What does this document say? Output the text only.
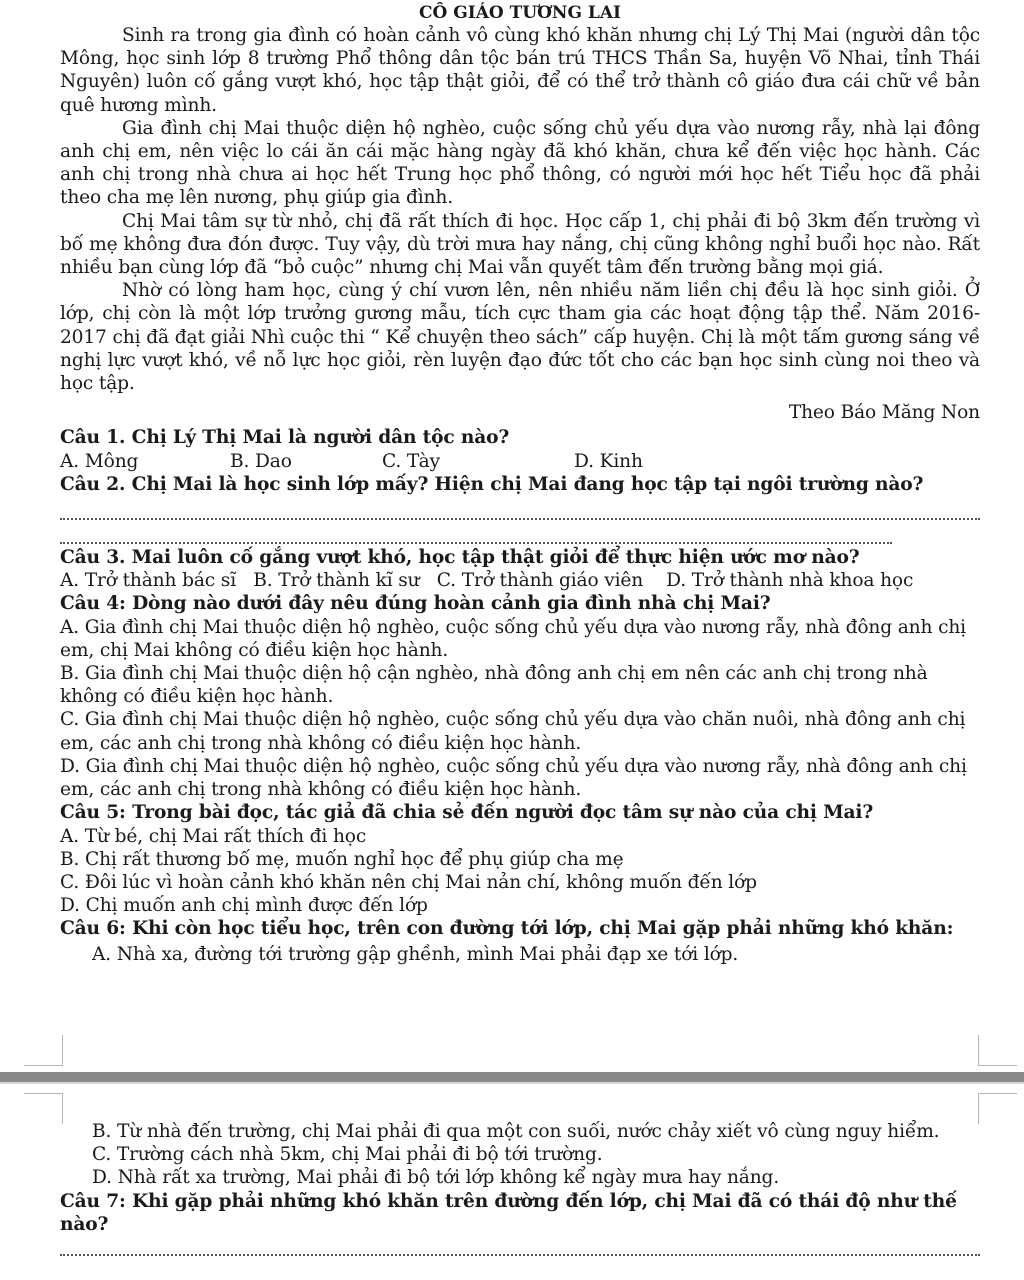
CÔ GIÁO TƯƠNG LAI

Sinh ra trong gia đình có hoàn cảnh vô cùng khó khăn nhưng chị Lý Thị Mai (người dân tộc Mông, học sinh lớp 8 trường Phổ thông dân tộc bán trú THCS Thần Sa, huyện Võ Nhai, tỉnh Thái Nguyên) luôn cố gắng vượt khó, học tập thật giỏi, để có thể trở thành cô giáo đưa cái chữ về bản quê hương mình.

Gia đình chị Mai thuộc diện hộ nghèo, cuộc sống chủ yếu dựa vào nương rẫy, nhà lại đông anh chị em, nên việc lo cái ăn cái mặc hàng ngày đã khó khăn, chưa kể đến việc học hành. Các anh chị trong nhà chưa ai học hết Trung học phổ thông, có người mới học hết Tiểu học đã phải theo cha mẹ lên nương, phụ giúp gia đình.

Chị Mai tâm sự từ nhỏ, chị đã rất thích đi học. Học cấp 1, chị phải đi bộ 3km đến trường vì bố mẹ không đưa đón được. Tuy vậy, dù trời mưa hay nắng, chị cũng không nghỉ buổi học nào. Rất nhiều bạn cùng lớp đã “bỏ cuộc” nhưng chị Mai vẫn quyết tâm đến trường bằng mọi giá.

Nhờ có lòng ham học, cùng ý chí vươn lên, nên nhiều năm liền chị đều là học sinh giỏi. Ở lớp, chị còn là một lớp trưởng gương mẫu, tích cực tham gia các hoạt động tập thể. Năm 2016-2017 chị đã đạt giải Nhì cuộc thi “ Kể chuyện theo sách” cấp huyện. Chị là một tấm gương sáng về nghị lực vượt khó, về nỗ lực học giỏi, rèn luyện đạo đức tốt cho các bạn học sinh cùng noi theo và học tập.

Theo Báo Măng Non

Câu 1. Chị Lý Thị Mai là người dân tộc nào?

A. Mông	B. Dao	C. Tày	D. Kinh

Câu 2. Chị Mai là học sinh lớp mấy? Hiện chị Mai đang học tập tại ngôi trường nào?

Câu 3. Mai luôn cố gắng vượt khó, học tập thật giỏi để thực hiện ước mơ nào?

A. Trở thành bác sĩ   B. Trở thành kĩ sư   C. Trở thành giáo viên    D. Trở thành nhà khoa học

Câu 4: Dòng nào dưới đây nêu đúng hoàn cảnh gia đình nhà chị Mai?

A. Gia đình chị Mai thuộc diện hộ nghèo, cuộc sống chủ yếu dựa vào nương rẫy, nhà đông anh chị em, chị Mai không có điều kiện học hành.

B. Gia đình chị Mai thuộc diện hộ cận nghèo, nhà đông anh chị em nên các anh chị trong nhà không có điều kiện học hành.

C. Gia đình chị Mai thuộc diện hộ nghèo, cuộc sống chủ yếu dựa vào chăn nuôi, nhà đông anh chị em, các anh chị trong nhà không có điều kiện học hành.

D. Gia đình chị Mai thuộc diện hộ nghèo, cuộc sống chủ yếu dựa vào nương rẫy, nhà đông anh chị em, các anh chị trong nhà không có điều kiện học hành.

Câu 5: Trong bài đọc, tác giả đã chia sẻ đến người đọc tâm sự nào của chị Mai?

A. Từ bé, chị Mai rất thích đi học

B. Chị rất thương bố mẹ, muốn nghỉ học để phụ giúp cha mẹ

C. Đôi lúc vì hoàn cảnh khó khăn nên chị Mai nản chí, không muốn đến lớp

D. Chị muốn anh chị mình được đến lớp

Câu 6: Khi còn học tiểu học, trên con đường tới lớp, chị Mai gặp phải những khó khăn:

A. Nhà xa, đường tới trường gập ghềnh, mình Mai phải đạp xe tới lớp.

B. Từ nhà đến trường, chị Mai phải đi qua một con suối, nước chảy xiết vô cùng nguy hiểm.

C. Trường cách nhà 5km, chị Mai phải đi bộ tới trường.

D. Nhà rất xa trường, Mai phải đi bộ tới lớp không kể ngày mưa hay nắng.

Câu 7: Khi gặp phải những khó khăn trên đường đến lớp, chị Mai đã có thái độ như thế nào?
